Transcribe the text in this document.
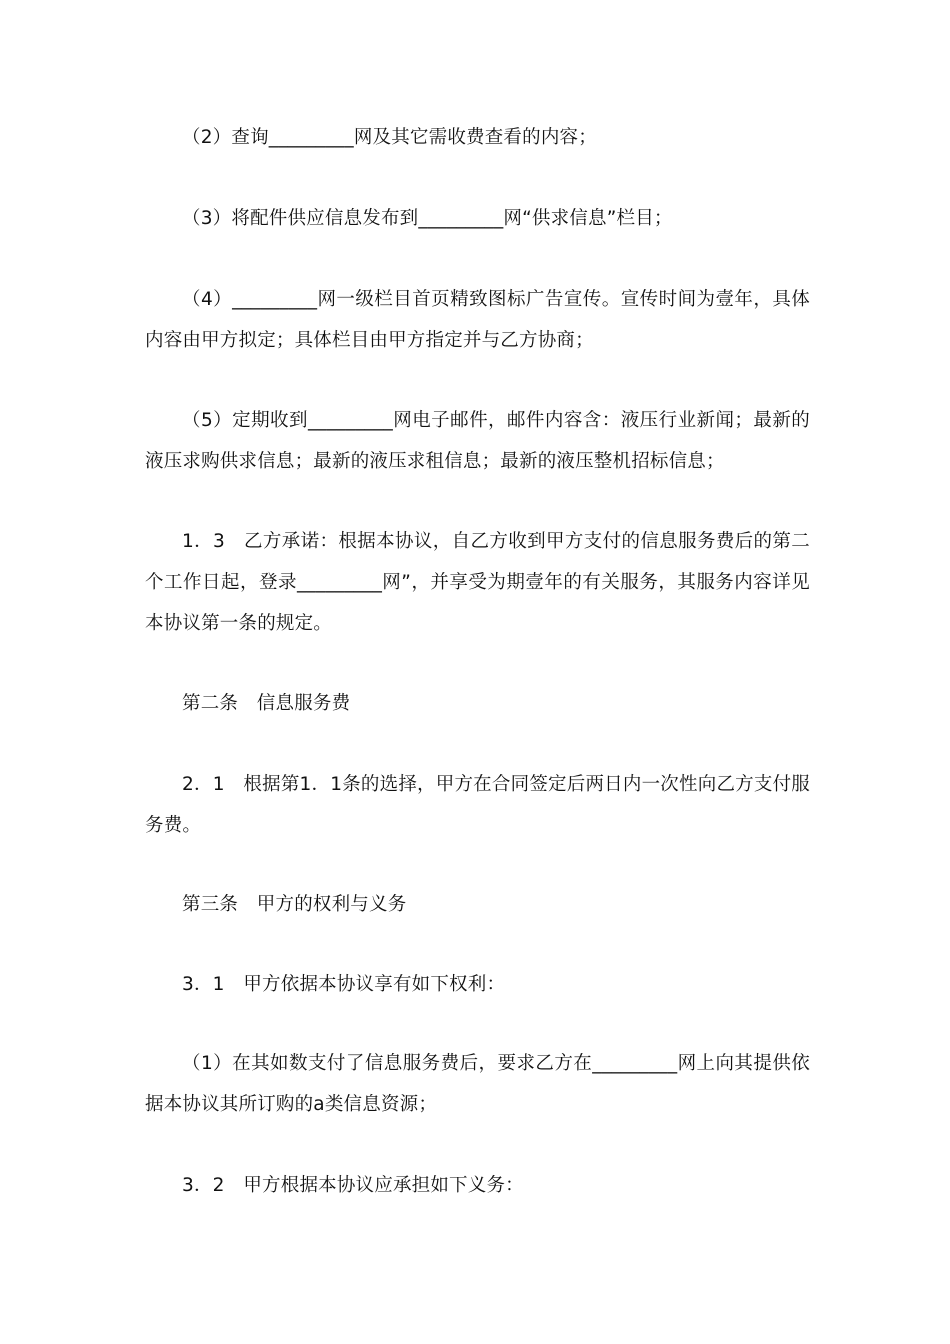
（2）查询_________网及其它需收费查看的内容；

（3）将配件供应信息发布到_________网“供求信息”栏目；

（4）_________网一级栏目首页精致图标广告宣传。宣传时间为壹年，具体内容由甲方拟定；具体栏目由甲方指定并与乙方协商；

（5）定期收到_________网电子邮件，邮件内容含：液压行业新闻；最新的液压求购供求信息；最新的液压求租信息；最新的液压整机招标信息；

1．3　乙方承诺：根据本协议，自乙方收到甲方支付的信息服务费后的第二个工作日起，登录_________网”，并享受为期壹年的有关服务，其服务内容详见本协议第一条的规定。

第二条　信息服务费

2．1　根据第1．1条的选择，甲方在合同签定后两日内一次性向乙方支付服务费。

第三条　甲方的权利与义务

3．1　甲方依据本协议享有如下权利：

（1）在其如数支付了信息服务费后，要求乙方在_________网上向其提供依据本协议其所订购的a类信息资源；

3．2　甲方根据本协议应承担如下义务：
